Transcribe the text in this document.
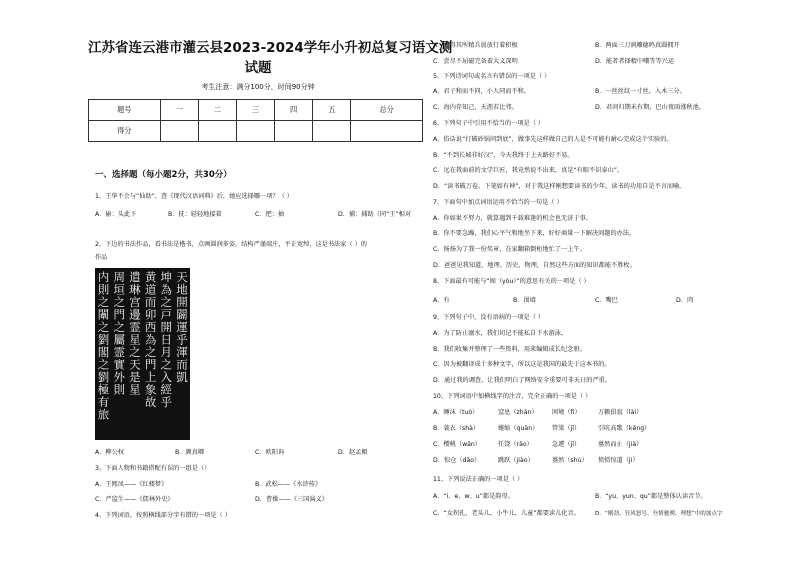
江苏省连云港市灌云县2023-2024学年小升初总复习语文测
试题
考生注意：满分100分，时间90分钟
题号	一	二	三	四	五	总分
得分						
一、选择题（每小题2分，共30分）
1、王华不会与“仙助”，查《现代汉语词典》后，她应选择哪一项？（ ）
A．偷：头此下	B．抚：轻轻地接着	C．把：抽	D．捕：捕助（同“王”相对
2、下边的书法作品，看书法是楷书，点画圆润多姿，结构严谨端庄，平正宽绰，这是书法家（ ）的
作品
天地開闢運乎渾而凱
坤為之戸開日月之入經乎
黄道而卯西為之門上象故
遣琳宫邊霊星之天是星
周垣之門之屬霊實外則
内則之闈之劉閣之劉極有旅
A．柳公权	B．颜真卿	C．欧阳询	D．赵孟頫
3、下面人物和书籍搭配有误的一组是（）
A．王熙凤——《红楼梦》	B．武松——《水浒传》
C．严监生——《儒林外史》	D．曹操——《三国演义》
4、下列词语，按照横线部分字有错的一项是（ ）
A．无得其所精兵弱放行着积极	B．两面三刀润雕德鸣真圆拥开
C．尝尽不屈磁完备着大义深明	D．能者者择精中嘲等等兴运
5、下列诗词句或名言有错误的一项是（ ）
A．君子和而不同，小人同而不和。	B．一丝丝纹一寸丝，入木三分。
C．海内存知己，天涯若比邻。	D．君问归期未有期，巴山夜雨涨秋池。
6、下列句子中引用不恰当的一项是（ ）
A．俗话说“打破砂锅问到底”，做事先这样做自己的人是不可能有耐心完成这个实验的。
B．“不到长城非好汉”，今天我终于上天路好不易。
C．远在我面前的文学巨匠，我竟然说不出来，真是“有眼不识泰山”。
D．“读书破万卷，下笔如有神”，对于我这样刚想要读书的少年，读书的功用自是不言而喻。
7、下面句中加点词语运用不恰当的一句是（ ）
A．你如果不努力，就算遇到千载难逢的机会也无济于事。
B．你不要急躁，我们心平气和地坐下来，好好商量一下解决问题的办法。
C．扬扬为了我一份奖章，在家翻箱倒柜地忙了一上午。
D．爸爸见我知道，地理、历史、物理，自然这些方面的知识都能不胜枚。
8、下面最有可能与“囿（yòu）”的意思有关的一项是（ ）
A．有	B．围墙	C．嘴巴	D．肉
9、下列句子中，没有语病的一项是（ ）
A．为了防止溺水，我们切记不能私自下水游泳。
B．我们收集并整理了一些资料，用来编辑成长纪念册。
C．因为被翻译成十多种文字，所以这是我国的最先于这本书的。
D．通过我的调查，让我们明白了网络安全重要可非天日的严重。
10、下列词语中加横线字的注音，完全正确的一项是（ ）
A．睡沫（tuò）	窒息（zhàn） 困境（fì）	万籁俱寂（lài）
B．蓑衣（shà）	蜷缩（quān） 管梁（jǐ）	引吭高歌（kēng）
C．樱桃（wān）	任饶（rǎo）	急遽（jī）	墓然而止（jià）
D．惊仓（dǎo）	跳跃（jiào）	墓然（shù） 愤愤惊道（jì）
11、下列说法正确的一项是（ ）
A．“i、e、w、u”都是韵母。	B．“yu、yun、qu”都是整体认读音节。
C．“女拐孔、老头儿、小牛儿、儿童”都要读儿化音。	D．“刚劲、狂风怒号、叁情驰骋、理想”中的加点字
